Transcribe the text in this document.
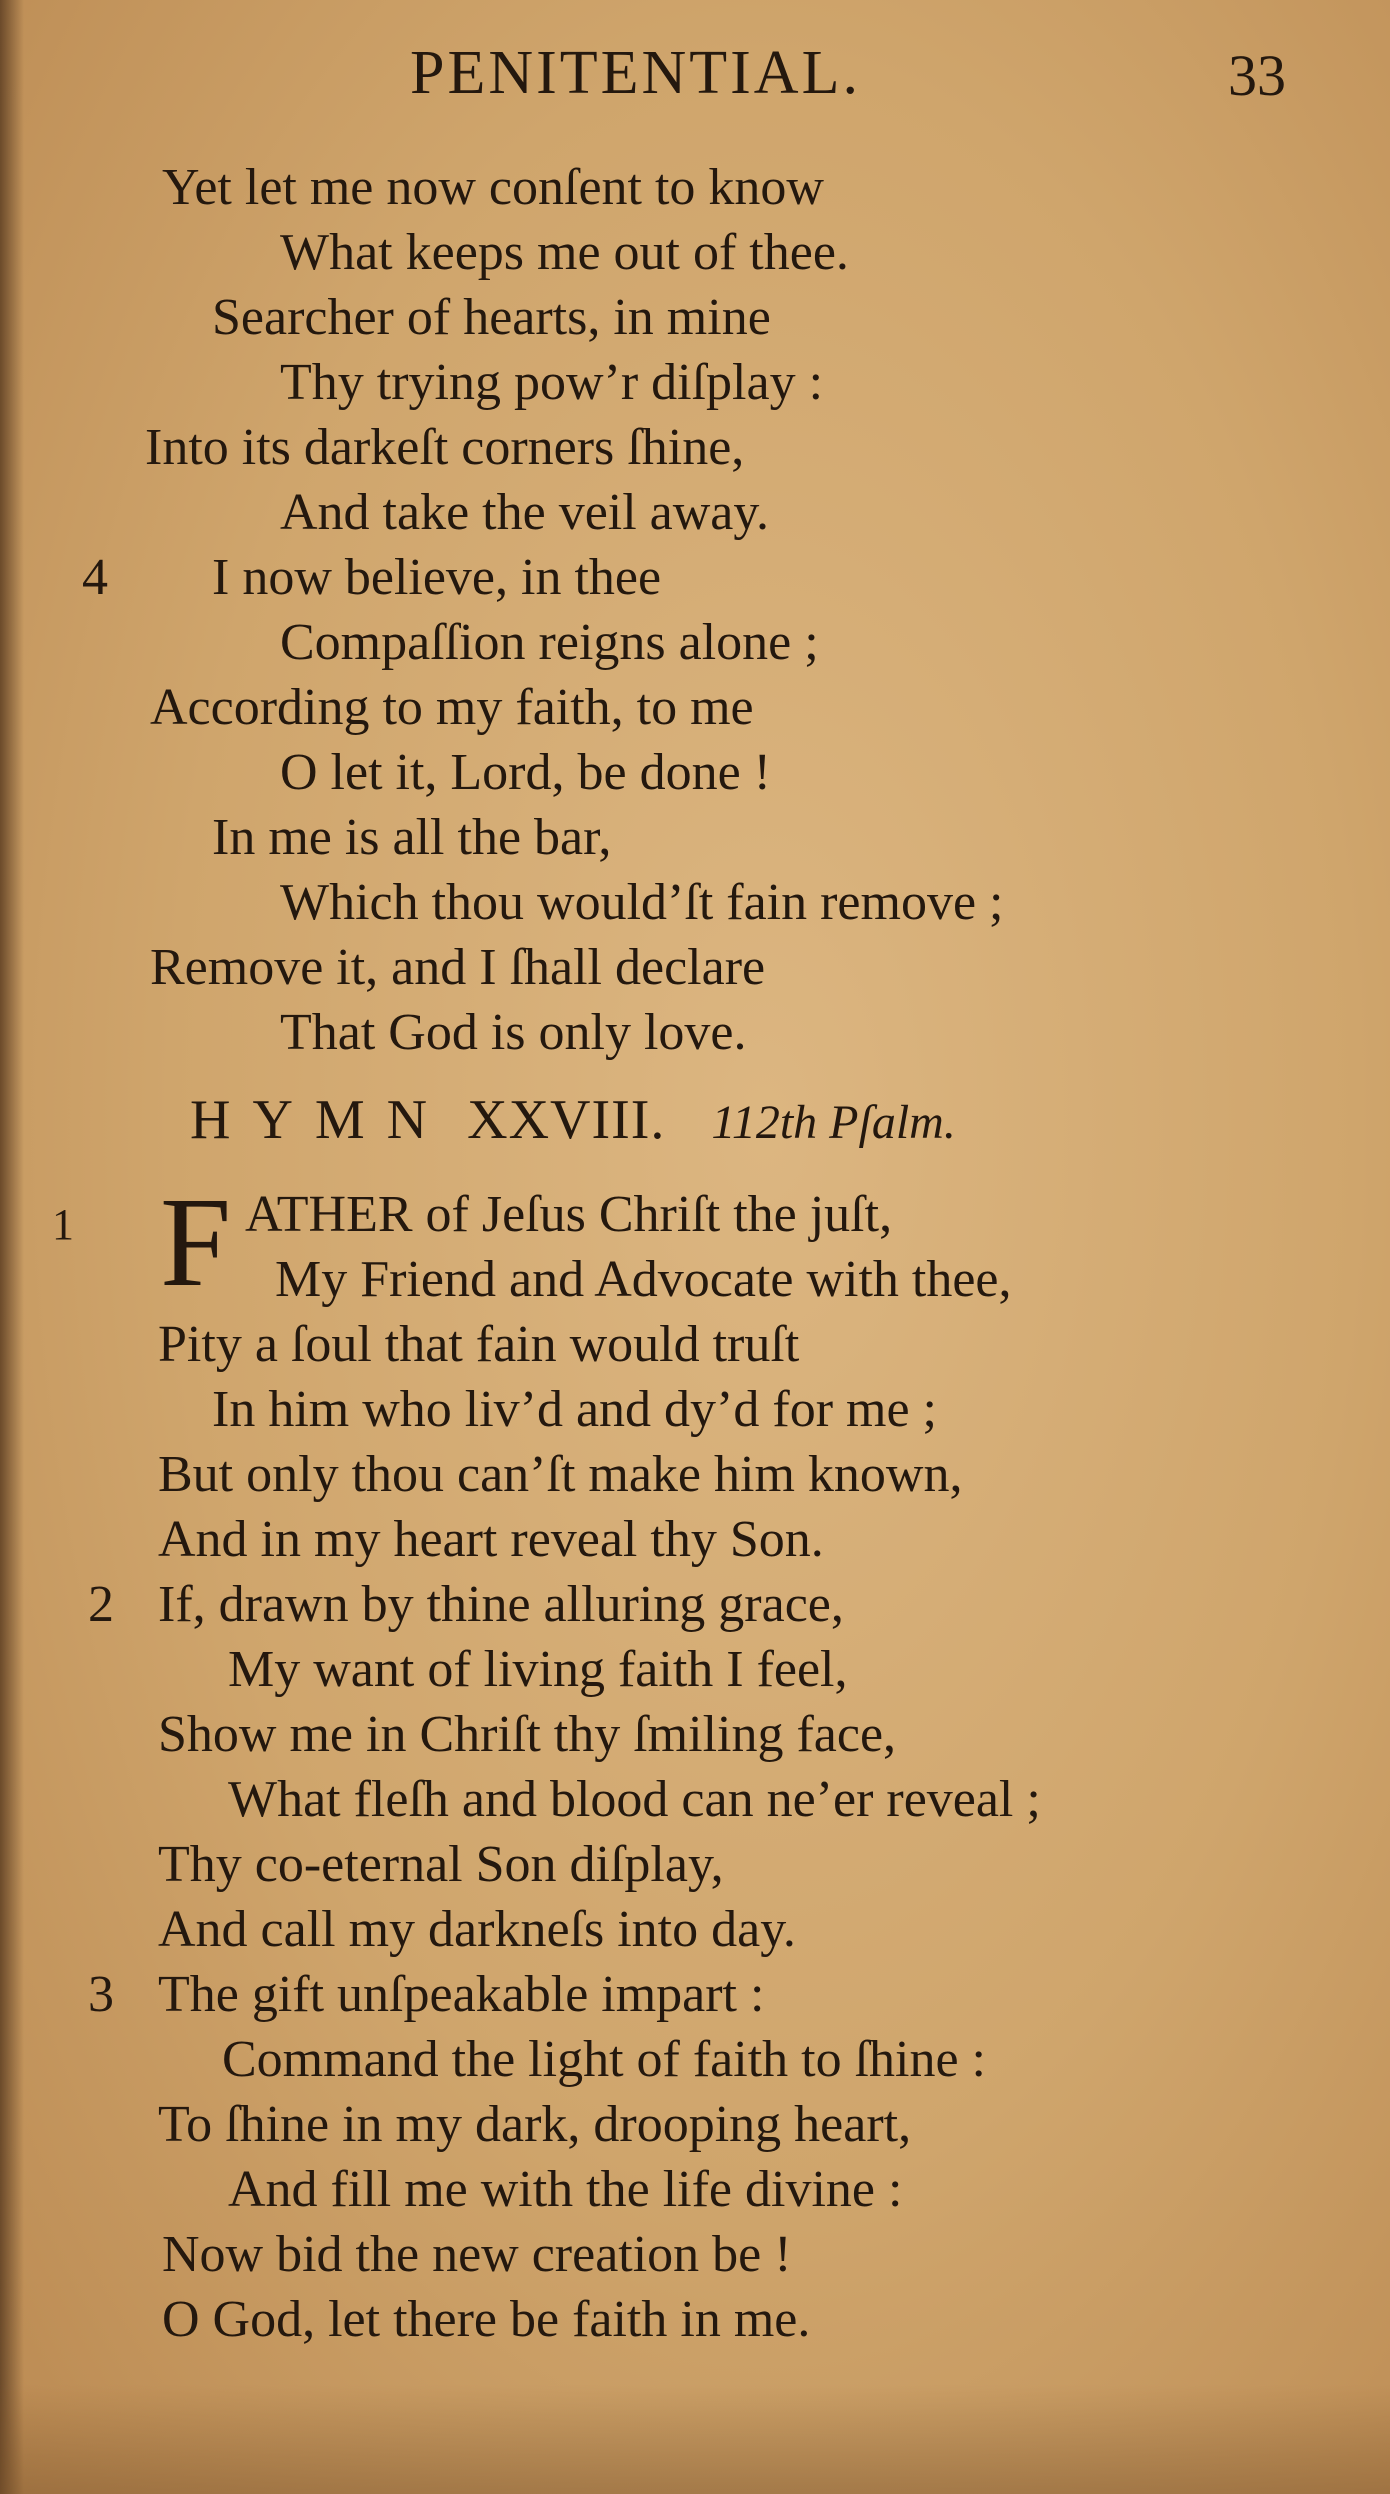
PENITENTIAL.	33
Yet let me now conſent to know
What keeps me out of thee.
Searcher of hearts, in mine
Thy trying pow’r diſplay :
Into its darkeſt corners ſhine,
And take the veil away.
4 I now believe, in thee
Compaſſion reigns alone ;
According to my faith, to me
O let it, Lord, be done !
In me is all the bar,
Which thou would’ſt fain remove ;
Remove it, and I ſhall declare
That God is only love.
HYMN XXVIII. 112th Pſalm.
1 F ATHER of Jeſus Chriſt the juſt,
My Friend and Advocate with thee,
Pity a ſoul that fain would truſt
In him who liv’d and dy’d for me ;
But only thou can’ſt make him known,
And in my heart reveal thy Son.
2 If, drawn by thine alluring grace,
My want of living faith I feel,
Show me in Chriſt thy ſmiling face,
What fleſh and blood can ne’er reveal ;
Thy co-eternal Son diſplay,
And call my darkneſs into day.
3 The gift unſpeakable impart :
Command the light of faith to ſhine :
To ſhine in my dark, drooping heart,
And fill me with the life divine :
Now bid the new creation be !
O God, let there be faith in me.
